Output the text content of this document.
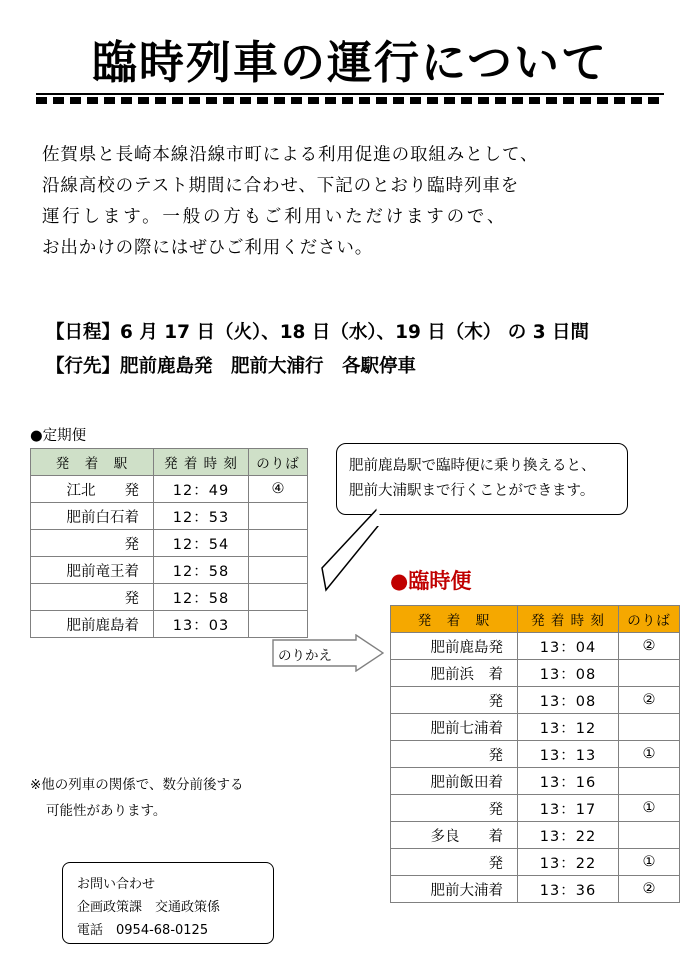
臨時列車の運行について
佐賀県と長崎本線沿線市町による利用促進の取組みとして、
沿線高校のテスト期間に合わせ、下記のとおり臨時列車を
運行します。一般の方もご利用いただけますので、
お出かけの際にはぜひご利用ください。
【日程】6 月 17 日（火）、18 日（水）、19 日（木） の 3 日間
【行先】肥前鹿島発　肥前大浦行　各駅停車
●定期便
発　着　駅	発 着 時 刻	のりば
江北　　発	12：49	④
肥前白石着	12：53	
発	12：54	
肥前竜王着	12：58	
発	12：58	
肥前鹿島着	13：03	
肥前鹿島駅で臨時便に乗り換えると、
肥前大浦駅まで行くことができます。
のりかえ
●臨時便
発　着　駅	発 着 時 刻	のりば
肥前鹿島発	13：04	②
肥前浜　着	13：08	
発	13：08	②
肥前七浦着	13：12	
発	13：13	①
肥前飯田着	13：16	
発	13：17	①
多良　　着	13：22	
発	13：22	①
肥前大浦着	13：36	②
※他の列車の関係で、数分前後する
可能性があります。
お問い合わせ
企画政策課　交通政策係
電話　0954-68-0125
